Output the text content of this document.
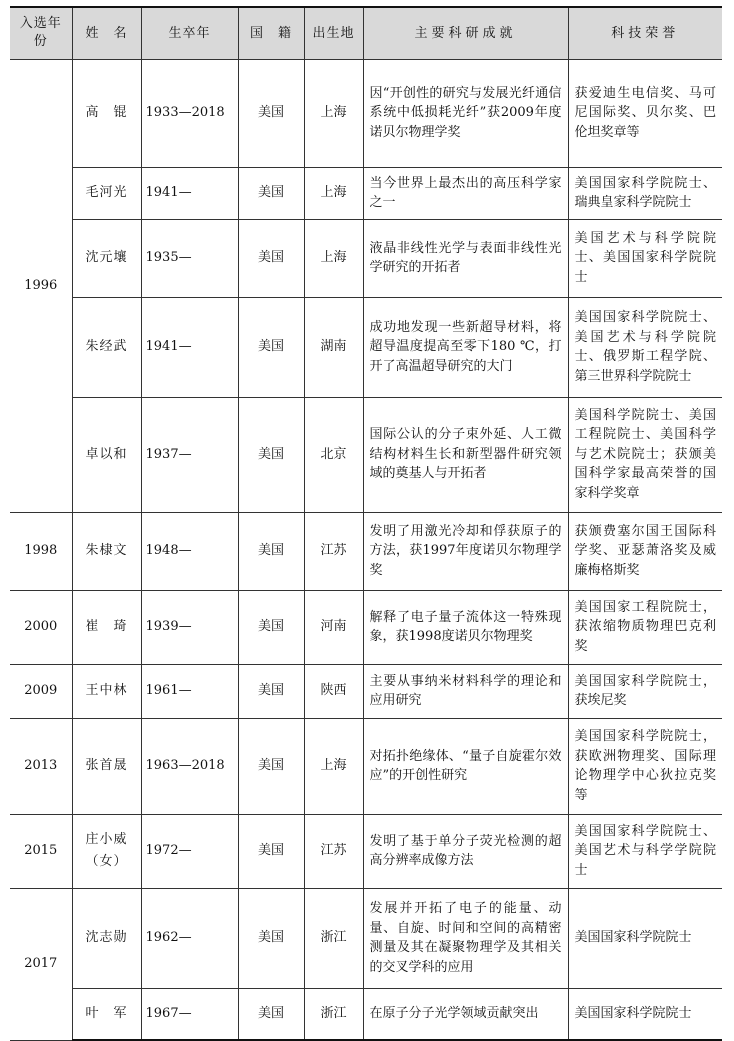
入选年份	姓　名	生卒年	国　籍	出生地	主要科研成就	科技荣誉
1996	高　锟	1933—2018	美国	上海	因“开创性的研究与发展光纤通信系统中低损耗光纤”获2009年度诺贝尔物理学奖	获爱迪生电信奖、马可尼国际奖、贝尔奖、巴伦坦奖章等
	毛河光	1941—	美国	上海	当今世界上最杰出的高压科学家之一	美国国家科学院院士、瑞典皇家科学院院士
	沈元壤	1935—	美国	上海	液晶非线性光学与表面非线性光学研究的开拓者	美国艺术与科学院院士、美国国家科学院院士
	朱经武	1941—	美国	湖南	成功地发现一些新超导材料，将超导温度提高至零下180 ℃，打开了高温超导研究的大门	美国国家科学院院士、美国艺术与科学院院士、俄罗斯工程学院、第三世界科学院院士
	卓以和	1937—	美国	北京	国际公认的分子束外延、人工微结构材料生长和新型器件研究领域的奠基人与开拓者	美国科学院院士、美国工程院院士、美国科学与艺术院院士；获颁美国科学家最高荣誉的国家科学奖章
1998	朱棣文	1948—	美国	江苏	发明了用激光冷却和俘获原子的方法，获1997年度诺贝尔物理学奖	获颁费塞尔国王国际科学奖、亚瑟萧洛奖及威廉梅格斯奖
2000	崔　琦	1939—	美国	河南	解释了电子量子流体这一特殊现象，获1998度诺贝尔物理奖	美国国家工程院院士，获浓缩物质物理巴克利奖
2009	王中林	1961—	美国	陕西	主要从事纳米材料科学的理论和应用研究	美国国家科学院院士，获埃尼奖
2013	张首晟	1963—2018	美国	上海	对拓扑绝缘体、“量子自旋霍尔效应”的开创性研究	美国国家科学院院士，获欧洲物理奖、国际理论物理学中心狄拉克奖等
2015	庄小威（女）	1972—	美国	江苏	发明了基于单分子荧光检测的超高分辨率成像方法	美国国家科学院院士、美国艺术与科学学院院士
2017	沈志勋	1962—	美国	浙江	发展并开拓了电子的能量、动量、自旋、时间和空间的高精密测量及其在凝聚物理学及其相关的交叉学科的应用	美国国家科学院院士
	叶　军	1967—	美国	浙江	在原子分子光学领域贡献突出	美国国家科学院院士
